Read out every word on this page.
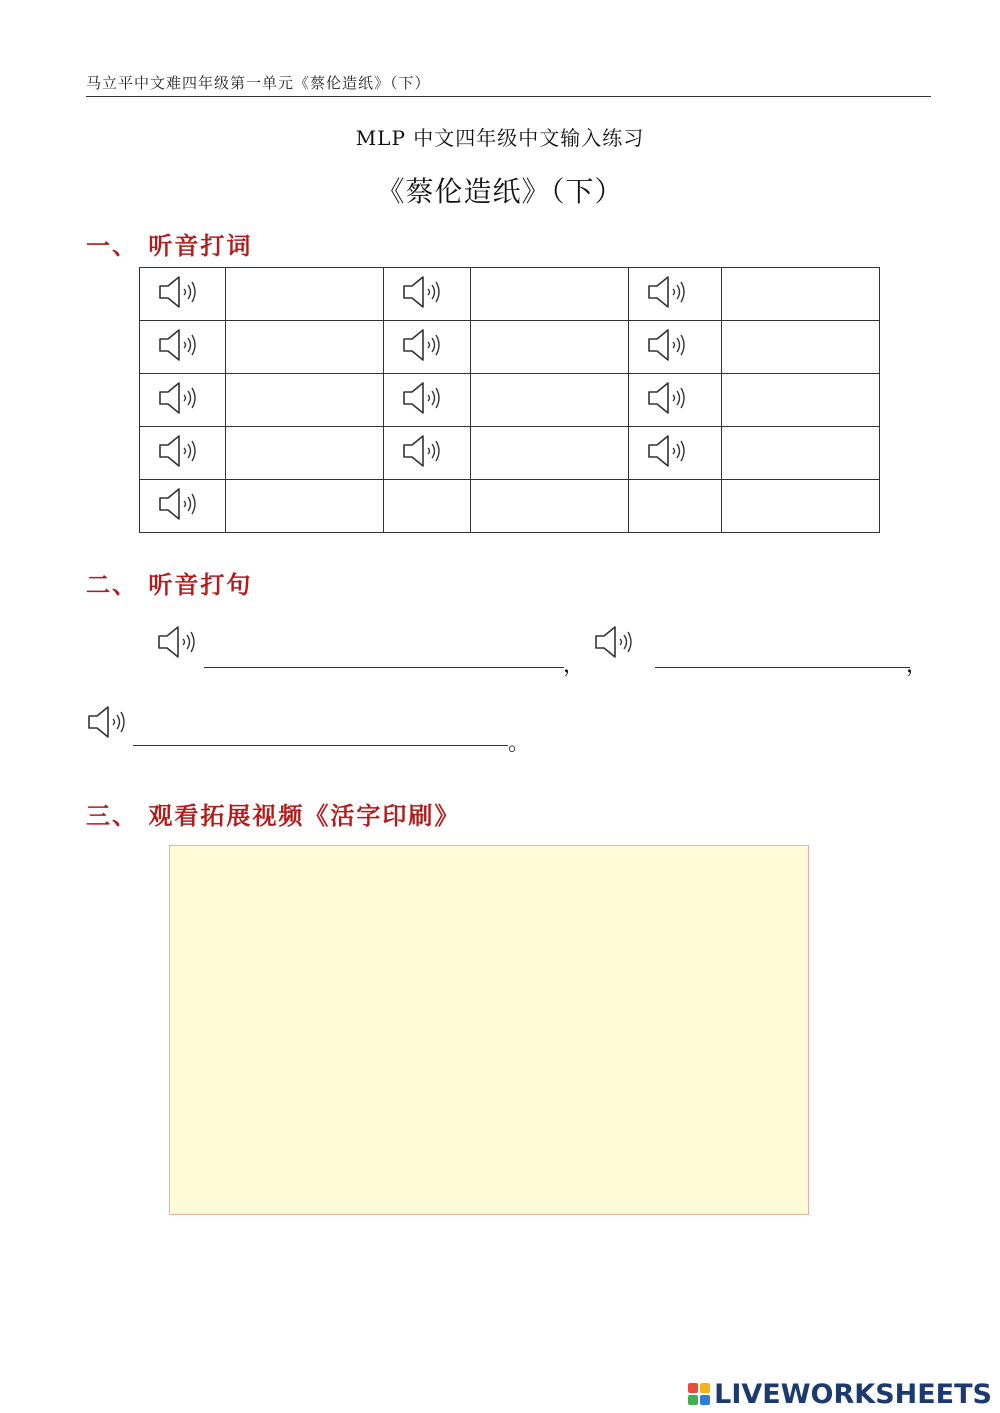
马立平中文难四年级第一单元《蔡伦造纸》（下）
MLP 中文四年级中文输入练习
《蔡伦造纸》（下）
一、 听音打词

二、 听音打句
，	，
。
三、 观看拓展视频《活字印刷》
LIVEWORKSHEETS
